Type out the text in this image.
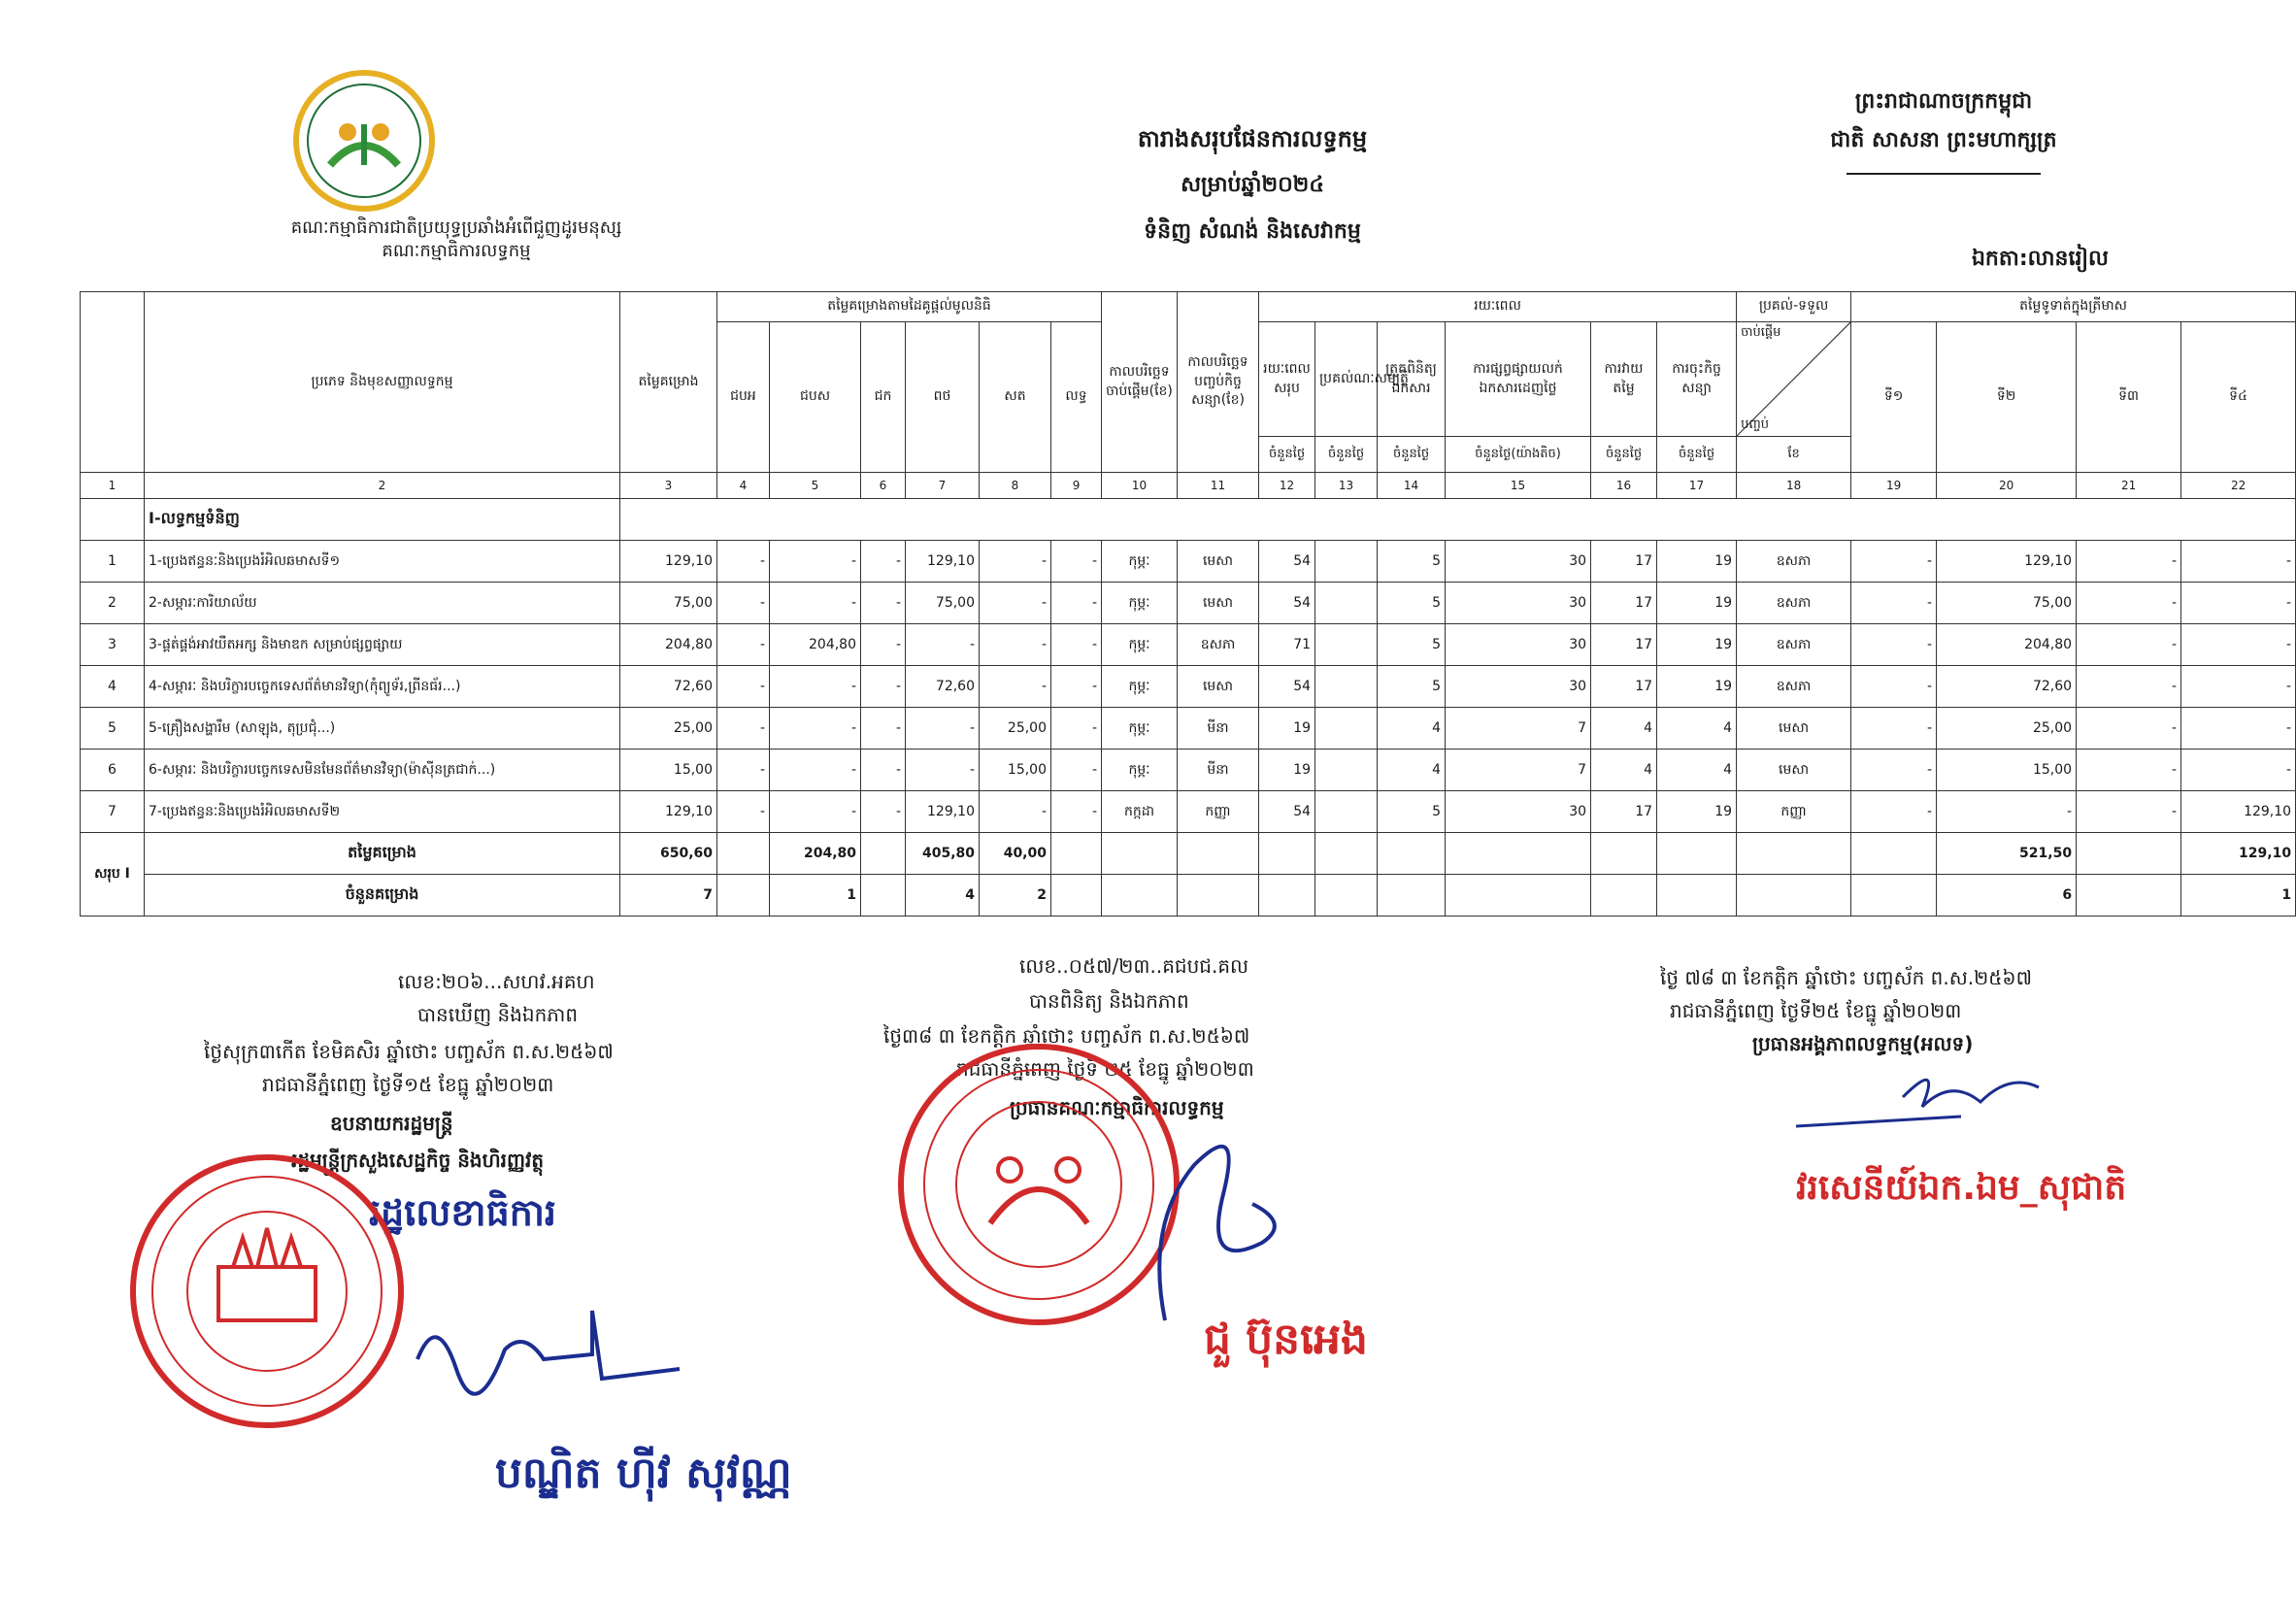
គណៈកម្មាធិការជាតិប្រយុទ្ធប្រឆាំងអំពើជួញដូរមនុស្ស
គណៈកម្មាធិការលទ្ធកម្ម
ព្រះរាជាណាចក្រកម្ពុជា
ជាតិ សាសនា ព្រះមហាក្សត្រ
តារាងសរុបផែនការលទ្ធកម្ម
សម្រាប់ឆ្នាំ២០២៤
ទំនិញ សំណង់ និងសេវាកម្ម
ឯកតា:លានរៀល
	ប្រភេទ និងមុខសញ្ញាលទ្ធកម្ម	តម្លៃគម្រោង	តម្លៃគម្រោងតាមដៃគូផ្តល់មូលនិធិ						កាលបរិច្ឆេទចាប់ផ្តើម(ខែ)	កាលបរិច្ឆេទបញ្ចប់កិច្ចសន្យា(ខែ)	រយៈពេល						ប្រគល់-ទទួល	តម្លៃទូទាត់ក្នុងត្រីមាស			
			ជបអ	ជបស	ជក	ពថ	សត	លទ្ធ			រយៈពេលសរុប	ប្រគល់ណៈសម្បត្តិ	ត្រួតពិនិត្យឯកសារ	ការផ្សព្វផ្សាយលក់ឯកសារដេញថ្លៃ	ការវាយតម្លៃ	ការចុះកិច្ចសន្យា	ចាប់ផ្តើម
បញ្ចប់	ទី១	ទី២	ទី៣	ទី៤
											ចំនួនថ្ងៃ	ចំនួនថ្ងៃ	ចំនួនថ្ងៃ	ចំនួនថ្ងៃ(យ៉ាងតិច)	ចំនួនថ្ងៃ	ចំនួនថ្ងៃ	ខែ				
1	2	3	4	5	6	7	8	9	10	11	12	13	14	15	16	17	18	19	20	21	22
	I-លទ្ធកម្មទំនិញ																				
1	1-ប្រេងឥន្ធនៈនិងប្រេងរំអិលឆមាសទី១	129,10	-	-	-	129,10	-	-	កុម្ភៈ	មេសា	54		5	30	17	19	ឧសភា	-	129,10	-	-
2	2-សម្ភារៈការិយាល័យ	75,00	-	-	-	75,00	-	-	កុម្ភៈ	មេសា	54		5	30	17	19	ឧសភា	-	75,00	-	-
3	3-ផ្គត់ផ្គង់អាវយឺតអក្ស និងមាឌក សម្រាប់ផ្សព្វផ្សាយ	204,80	-	204,80	-	-	-	-	កុម្ភៈ	ឧសភា	71		5	30	17	19	ឧសភា	-	204,80	-	-
4	4-សម្ភារៈ និងបរិក្ខារបច្ចេកទេសព័ត៌មានវិទ្យា(កុំព្យូទ័រ,ព្រីនធ័រ...)	72,60	-	-	-	72,60	-	-	កុម្ភៈ	មេសា	54		5	30	17	19	ឧសភា	-	72,60	-	-
5	5-គ្រឿងសង្ហារឹម (សាឡុង, តុប្រជុំ...)	25,00	-	-	-	-	25,00	-	កុម្ភៈ	មីនា	19		4	7	4	4	មេសា	-	25,00	-	-
6	6-សម្ភារៈ និងបរិក្ខារបច្ចេកទេសមិនមែនព័ត៌មានវិទ្យា(ម៉ាស៊ីនត្រជាក់...)	15,00	-	-	-	-	15,00	-	កុម្ភៈ	មីនា	19		4	7	4	4	មេសា	-	15,00	-	-
7	7-ប្រេងឥន្ធនៈនិងប្រេងរំអិលឆមាសទី២	129,10	-	-	-	129,10	-	-	កក្កដា	កញ្ញា	54		5	30	17	19	កញ្ញា	-	-	-	129,10
សរុប I	តម្លៃគម្រោង	650,60		204,80		405,80	40,00												521,50		129,10
	ចំនួនគម្រោង	7		1		4	2												6		1
លេខ:២០៦...សហវ.អគហ
បានឃើញ និងឯកភាព
ថ្ងៃសុក្រ៣កើត ខែមិគសិរ ឆ្នាំថោះ បញ្ចស័ក ព.ស.២៥៦៧
រាជធានីភ្នំពេញ ថ្ងៃទី១៥ ខែធ្នូ ឆ្នាំ២០២៣
ឧបនាយករដ្ឋមន្ត្រី
រដ្ឋមន្ត្រីក្រសួងសេដ្ឋកិច្ច និងហិរញ្ញវត្ថុ
រដ្ឋលេខាធិការ
បណ្ឌិត ហ៊ីវ សុវណ្ណ
លេខ..០៥៧/២៣..គជបជ.គល
បានពិនិត្យ និងឯកភាព
ថ្ងៃ៣៨ ៣ ខែកត្តិក ឆ្នាំថោះ បញ្ចស័ក ព.ស.២៥៦៧
រាជធានីភ្នំពេញ ថ្ងៃទី ២៥ ខែធ្នូ ឆ្នាំ២០២៣
ប្រធានគណៈកម្មាធិការលទ្ធកម្ម
ជួ ប៊ុនអេង
ថ្ងៃ ៧៨ ៣ ខែកត្តិក ឆ្នាំថោះ បញ្ចស័ក ព.ស.២៥៦៧
រាជធានីភ្នំពេញ ថ្ងៃទី២៥ ខែធ្នូ ឆ្នាំ២០២៣
ប្រធានអង្គភាពលទ្ធកម្ម(អលទ)
វរសេនីយ៍ឯក.ឯម_សុជាតិ
